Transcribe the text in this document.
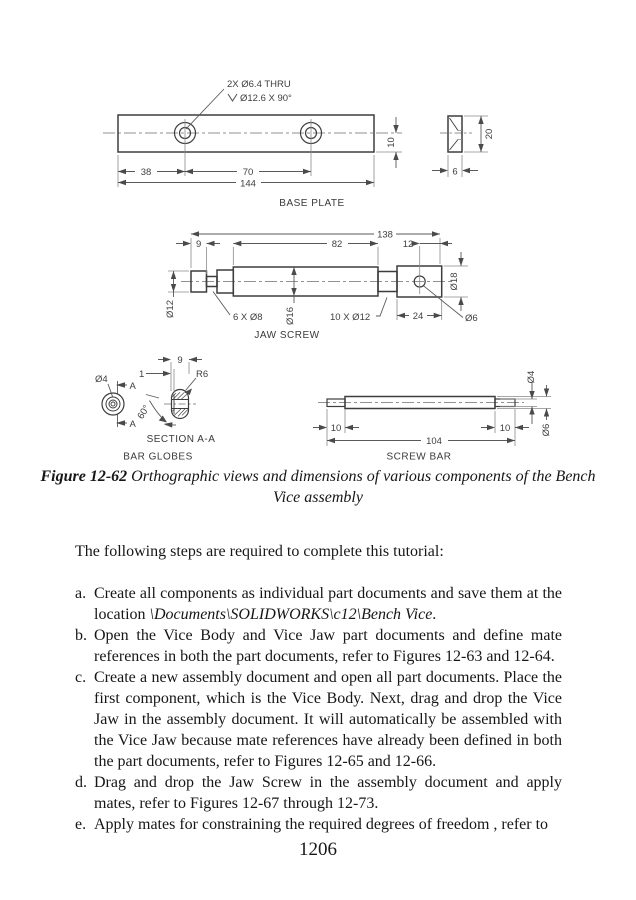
2X Ø6.4 THRU
Ø12.6 X 90°
38	70
144
10
20
6
BASE PLATE
138
9	82	12
Ø12	6 X Ø8 Ø16	10 X Ø12	24
Ø18
Ø6
JAW SCREW
Ø4
A
A
9
1	R6
60°
SECTION A-A
BAR GLOBES
10	10
104
Ø4
Ø6
SCREW BAR
Figure 12-62 Orthographic views and dimensions of various components of the Bench Vice assembly

The following steps are required to complete this tutorial:

a. Create all components as individual part documents and save them at the location \Documents\SOLIDWORKS\c12\Bench Vice.
b. Open the Vice Body and Vice Jaw part documents and define mate references in both the part documents, refer to Figures 12-63 and 12-64.
c. Create a new assembly document and open all part documents. Place the first component, which is the Vice Body. Next, drag and drop the Vice Jaw in the assembly document. It will automatically be assembled with the Vice Jaw because mate references have already been defined in both the part documents, refer to Figures 12-65 and 12-66.
d. Drag and drop the Jaw Screw in the assembly document and apply mates, refer to Figures 12-67 through 12-73.
e. Apply mates for constraining the required degrees of freedom , refer to
1206
